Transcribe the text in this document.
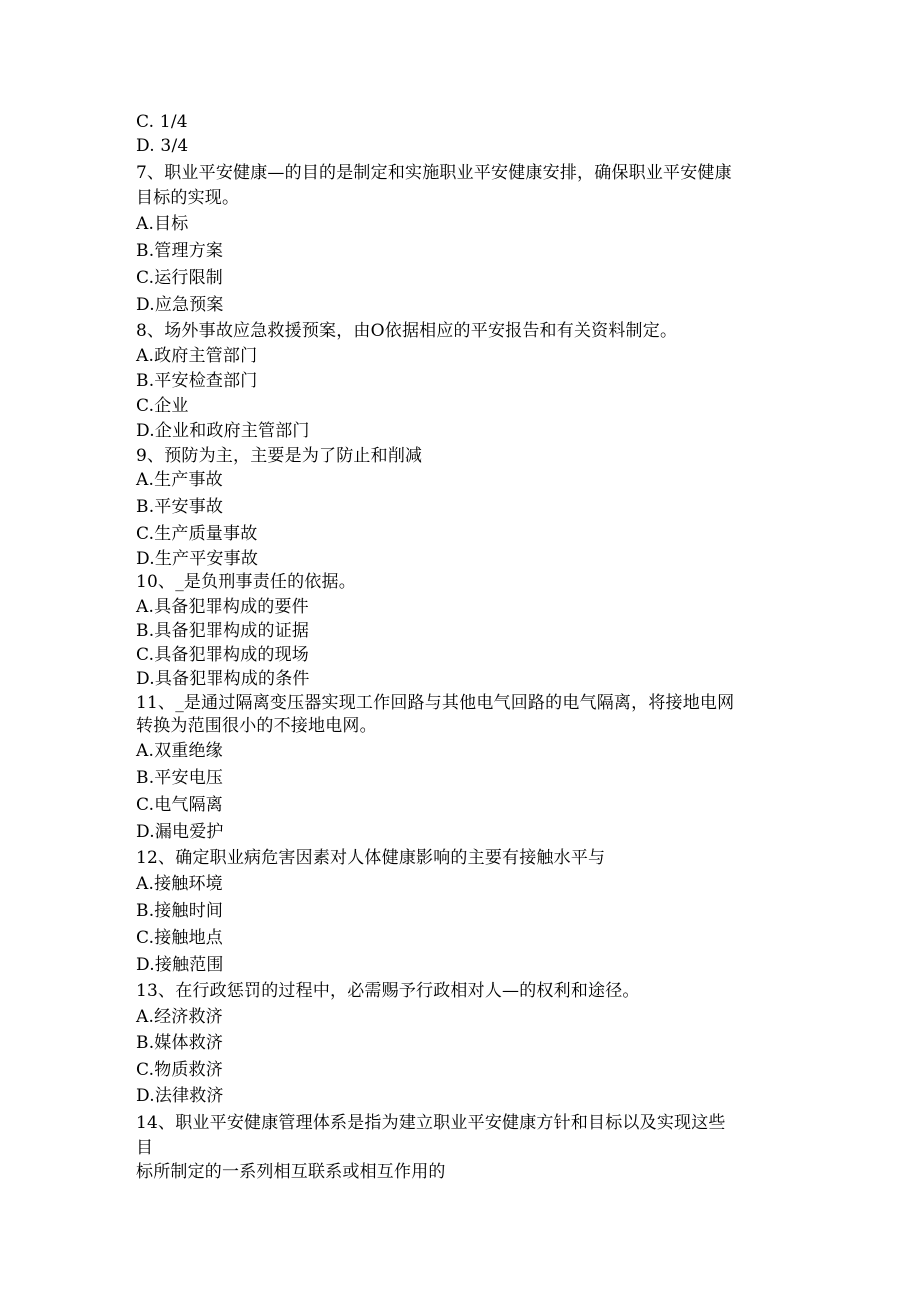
C. 1/4
D. 3/4
7、职业平安健康—的目的是制定和实施职业平安健康安排，确保职业平安健康
目标的实现。
A.目标
B.管理方案
C.运行限制
D.应急预案
8、场外事故应急救援预案，由O依据相应的平安报告和有关资料制定。
A.政府主管部门
B.平安检查部门
C.企业
D.企业和政府主管部门
9、预防为主，主要是为了防止和削减
A.生产事故
B.平安事故
C.生产质量事故
D.生产平安事故
10、_是负刑事责任的依据。
A.具备犯罪构成的要件
B.具备犯罪构成的证据
C.具备犯罪构成的现场
D.具备犯罪构成的条件
11、_是通过隔离变压器实现工作回路与其他电气回路的电气隔离，将接地电网
转换为范围很小的不接地电网。
A.双重绝缘
B.平安电压
C.电气隔离
D.漏电爱护
12、确定职业病危害因素对人体健康影响的主要有接触水平与
A.接触环境
B.接触时间
C.接触地点
D.接触范围
13、在行政惩罚的过程中，必需赐予行政相对人—的权利和途径。
A.经济救济
B.媒体救济
C.物质救济
D.法律救济
14、职业平安健康管理体系是指为建立职业平安健康方针和目标以及实现这些
目
标所制定的一系列相互联系或相互作用的
